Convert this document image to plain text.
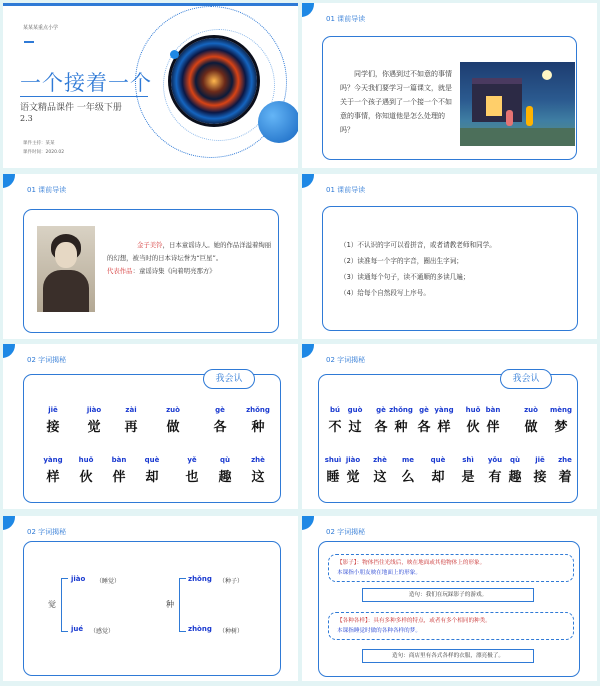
某某某重点小学
一个接着一个
语文精品课件 一年级下册
2.3
课件主持：某某
课件时间：2020.02
01 课前导读
同学们，你遇到过不如意的事情吗？今天我们要学习一篇课文，就是关于一个孩子遇到了一个接一个不如意的事情，你知道他是怎么处理的吗？
01 课前导读
金子美铃，日本童谣诗人。她的作品洋溢着绚丽的幻想，被当时的日本诗坛誉为“巨星”。
代表作品：童谣诗集《向着明亮那方》
01 课前导读
（1）不认识的字可以看拼音，或者请教老师和同学。
（2）读准每一个字的字音，圈出生字词；
（3）读通每个句子，读不通顺的多读几遍；
（4）给每个自然段写上序号。
02 字词揭秘
我会认
jiē
接
jiào
觉
zài
再
zuò
做
gè
各
zhǒng
种
yàng
样
huǒ
伙
bàn
伴
què
却
yě
也
qù
趣
zhè
这
02 字词揭秘
我会认
bú
不
guò
过
gè
各
zhǒng
种
gè
各
yàng
样
huǒ
伙
bàn
伴
zuò
做
mèng
梦
shuì
睡
jiào
觉
zhè
这
me
么
què
却
shì
是
yǒu
有
qù
趣
jiē
接
zhe
着
02 字词揭秘
觉
jiào （睡觉）
jué （感觉）
种
zhǒng （种子）
zhòng （种树）
02 字词揭秘
【影子】：物体挡住光线后，映在地面或其他物体上的形象。
本课指小朋友映在地面上的形象。
造句：我们在玩踩影子的游戏。
【各种各样】：具有多种多样的特点，或者有多个相同的种类。
本课指睡觉时做的各种各样的梦。
造句：商店里有各式各样的衣服，漂亮极了。
